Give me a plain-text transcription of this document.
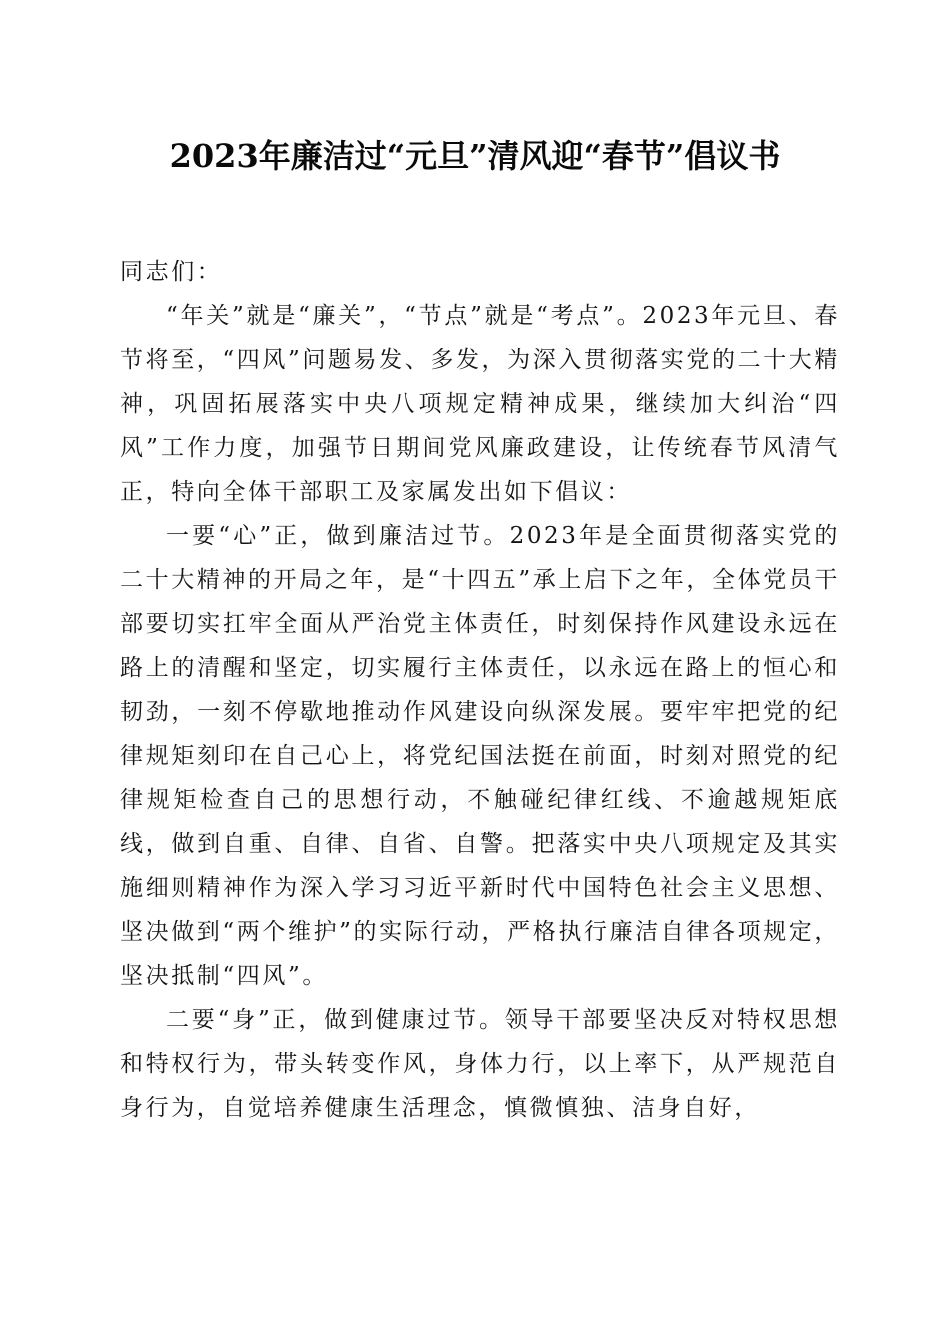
2023年廉洁过“元旦”清风迎“春节”倡议书

同志们：

“年关”就是“廉关”，“节点”就是“考点”。2023年元旦、春节将至，“四风”问题易发、多发，为深入贯彻落实党的二十大精神，巩固拓展落实中央八项规定精神成果，继续加大纠治“四风”工作力度，加强节日期间党风廉政建设，让传统春节风清气正，特向全体干部职工及家属发出如下倡议：

一要“心”正，做到廉洁过节。2023年是全面贯彻落实党的二十大精神的开局之年，是“十四五”承上启下之年，全体党员干部要切实扛牢全面从严治党主体责任，时刻保持作风建设永远在路上的清醒和坚定，切实履行主体责任，以永远在路上的恒心和韧劲，一刻不停歇地推动作风建设向纵深发展。要牢牢把党的纪律规矩刻印在自己心上，将党纪国法挺在前面，时刻对照党的纪律规矩检查自己的思想行动，不触碰纪律红线、不逾越规矩底线，做到自重、自律、自省、自警。把落实中央八项规定及其实施细则精神作为深入学习习近平新时代中国特色社会主义思想、坚决做到“两个维护”的实际行动，严格执行廉洁自律各项规定，坚决抵制“四风”。

二要“身”正，做到健康过节。领导干部要坚决反对特权思想和特权行为，带头转变作风，身体力行，以上率下，从严规范自身行为，自觉培养健康生活理念，慎微慎独、洁身自好，
